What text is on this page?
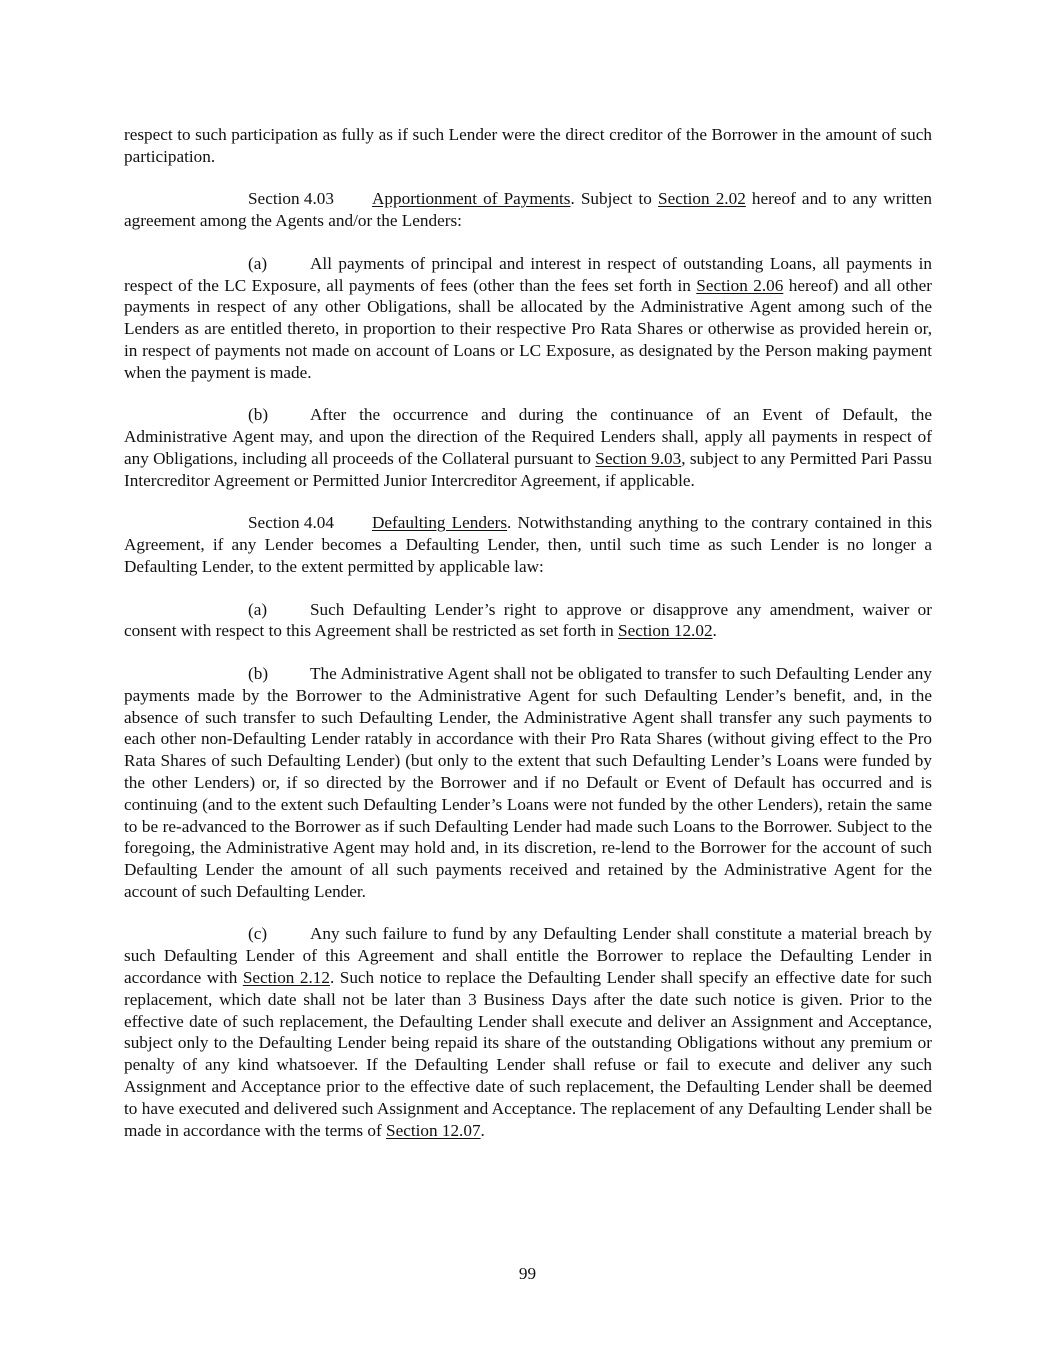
respect to such participation as fully as if such Lender were the direct creditor of the Borrower in the amount of such participation.

Section 4.03 Apportionment of Payments. Subject to Section 2.02 hereof and to any written agreement among the Agents and/or the Lenders:

(a) All payments of principal and interest in respect of outstanding Loans, all payments in respect of the LC Exposure, all payments of fees (other than the fees set forth in Section 2.06 hereof) and all other payments in respect of any other Obligations, shall be allocated by the Administrative Agent among such of the Lenders as are entitled thereto, in proportion to their respective Pro Rata Shares or otherwise as provided herein or, in respect of payments not made on account of Loans or LC Exposure, as designated by the Person making payment when the payment is made.

(b) After the occurrence and during the continuance of an Event of Default, the Administrative Agent may, and upon the direction of the Required Lenders shall, apply all payments in respect of any Obligations, including all proceeds of the Collateral pursuant to Section 9.03, subject to any Permitted Pari Passu Intercreditor Agreement or Permitted Junior Intercreditor Agreement, if applicable.

Section 4.04 Defaulting Lenders. Notwithstanding anything to the contrary contained in this Agreement, if any Lender becomes a Defaulting Lender, then, until such time as such Lender is no longer a Defaulting Lender, to the extent permitted by applicable law:

(a) Such Defaulting Lender’s right to approve or disapprove any amendment, waiver or consent with respect to this Agreement shall be restricted as set forth in Section 12.02.

(b) The Administrative Agent shall not be obligated to transfer to such Defaulting Lender any payments made by the Borrower to the Administrative Agent for such Defaulting Lender’s benefit, and, in the absence of such transfer to such Defaulting Lender, the Administrative Agent shall transfer any such payments to each other non-Defaulting Lender ratably in accordance with their Pro Rata Shares (without giving effect to the Pro Rata Shares of such Defaulting Lender) (but only to the extent that such Defaulting Lender’s Loans were funded by the other Lenders) or, if so directed by the Borrower and if no Default or Event of Default has occurred and is continuing (and to the extent such Defaulting Lender’s Loans were not funded by the other Lenders), retain the same to be re-advanced to the Borrower as if such Defaulting Lender had made such Loans to the Borrower. Subject to the foregoing, the Administrative Agent may hold and, in its discretion, re-lend to the Borrower for the account of such Defaulting Lender the amount of all such payments received and retained by the Administrative Agent for the account of such Defaulting Lender.

(c) Any such failure to fund by any Defaulting Lender shall constitute a material breach by such Defaulting Lender of this Agreement and shall entitle the Borrower to replace the Defaulting Lender in accordance with Section 2.12. Such notice to replace the Defaulting Lender shall specify an effective date for such replacement, which date shall not be later than 3 Business Days after the date such notice is given. Prior to the effective date of such replacement, the Defaulting Lender shall execute and deliver an Assignment and Acceptance, subject only to the Defaulting Lender being repaid its share of the outstanding Obligations without any premium or penalty of any kind whatsoever. If the Defaulting Lender shall refuse or fail to execute and deliver any such Assignment and Acceptance prior to the effective date of such replacement, the Defaulting Lender shall be deemed to have executed and delivered such Assignment and Acceptance. The replacement of any Defaulting Lender shall be made in accordance with the terms of Section 12.07.

99
